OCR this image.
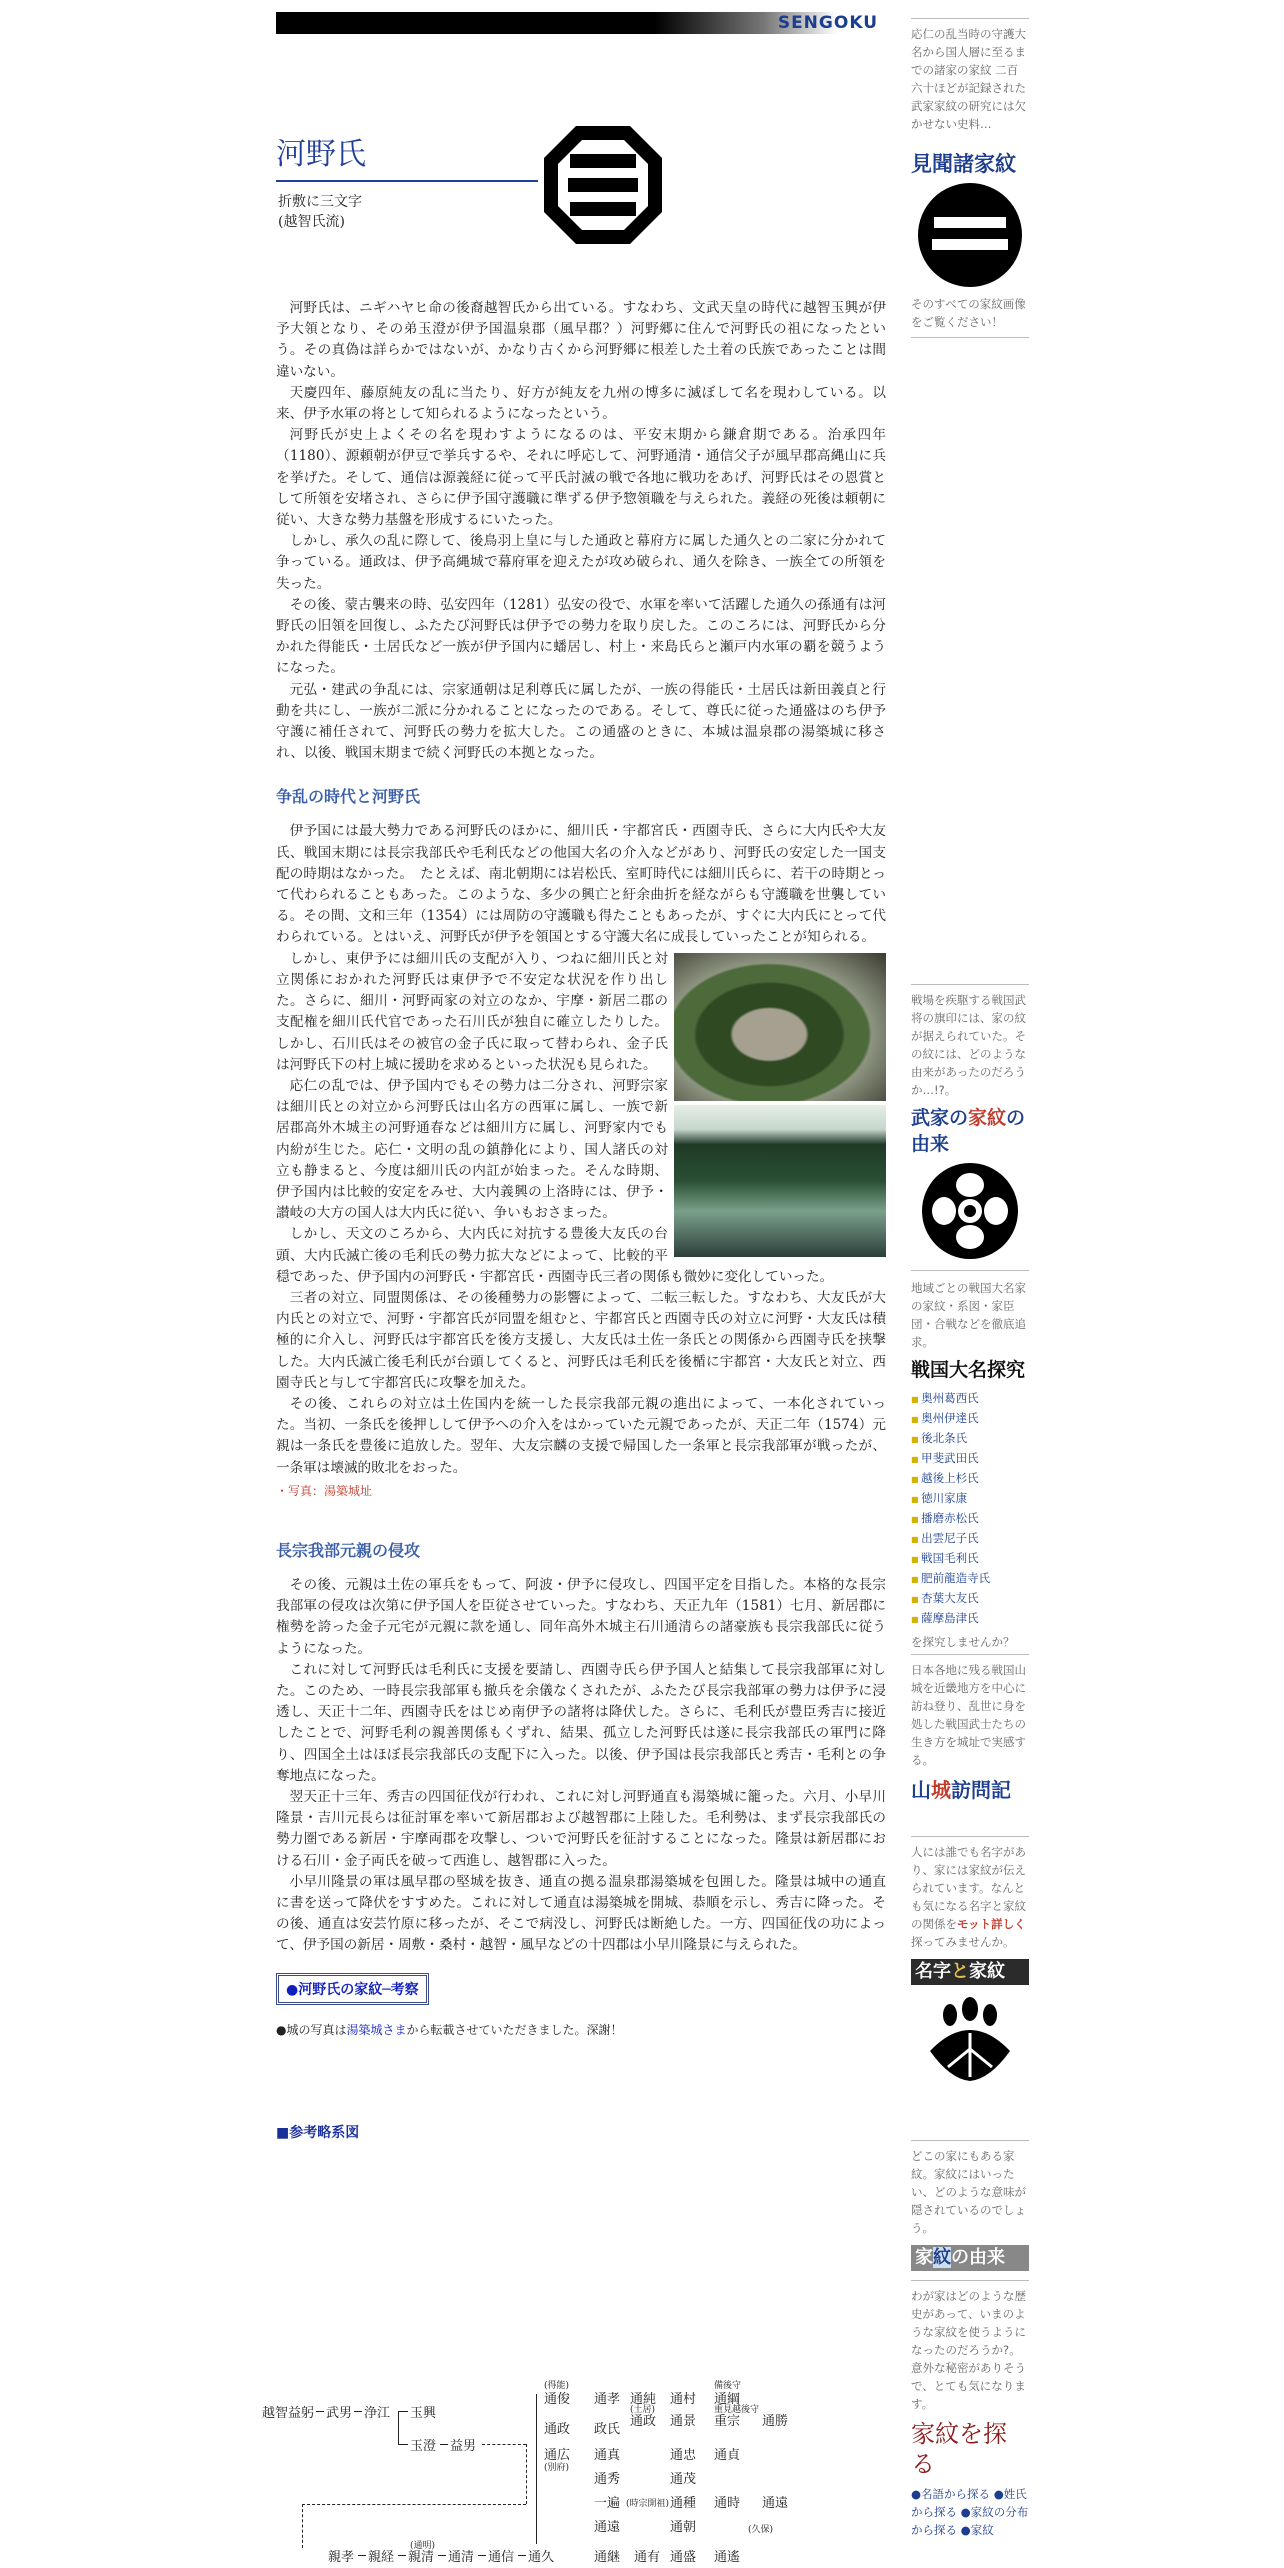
SENGOKU
河野氏
折敷に三文字
(越智氏流)

河野氏は、ニギハヤヒ命の後裔越智氏から出ている。すなわち、文武天皇の時代に越智玉興が伊予大領となり、その弟玉澄が伊予国温泉郡（風早郡？）河野郷に住んで河野氏の祖になったという。その真偽は詳らかではないが、かなり古くから河野郷に根差した土着の氏族であったことは間違いない。

天慶四年、藤原純友の乱に当たり、好方が純友を九州の博多に滅ぼして名を現わしている。以来、伊予水軍の将として知られるようになったという。

河野氏が史上よくその名を現わすようになるのは、平安末期から鎌倉期である。治承四年（1180）、源頼朝が伊豆で挙兵するや、それに呼応して、河野通清・通信父子が風早郡高縄山に兵を挙げた。そして、通信は源義経に従って平氏討滅の戦で各地に戦功をあげ、河野氏はその恩賞として所領を安堵され、さらに伊予国守護職に準ずる伊予惣領職を与えられた。義経の死後は頼朝に従い、大きな勢力基盤を形成するにいたった。

しかし、承久の乱に際して、後鳥羽上皇に与した通政と幕府方に属した通久との二家に分かれて争っている。通政は、伊予高縄城で幕府軍を迎えたが攻め破られ、通久を除き、一族全ての所領を失った。

その後、蒙古襲来の時、弘安四年（1281）弘安の役で、水軍を率いて活躍した通久の孫通有は河野氏の旧領を回復し、ふたたび河野氏は伊予での勢力を取り戻した。このころには、河野氏から分かれた得能氏・土居氏など一族が伊予国内に蟠居し、村上・来島氏らと瀬戸内水軍の覇を競うようになった。

元弘・建武の争乱には、宗家通朝は足利尊氏に属したが、一族の得能氏・土居氏は新田義貞と行動を共にし、一族が二派に分かれることになったのである。そして、尊氏に従った通盛はのち伊予守護に補任されて、河野氏の勢力を拡大した。この通盛のときに、本城は温泉郡の湯築城に移され、以後、戦国末期まで続く河野氏の本拠となった。

争乱の時代と河野氏

伊予国には最大勢力である河野氏のほかに、細川氏・宇都宮氏・西園寺氏、さらに大内氏や大友氏、戦国末期には長宗我部氏や毛利氏などの他国大名の介入などがあり、河野氏の安定した一国支配の時期はなかった。　たとえば、南北朝期には岩松氏、室町時代には細川氏らに、若干の時期とって代わられることもあった。このような、多少の興亡と紆余曲折を経ながらも守護職を世襲している。その間、文和三年（1354）には周防の守護職も得たこともあったが、すぐに大内氏にとって代わられている。とはいえ、河野氏が伊予を領国とする守護大名に成長していったことが知られる。

しかし、東伊予には細川氏の支配が入り、つねに細川氏と対立関係におかれた河野氏は東伊予で不安定な状況を作り出した。さらに、細川・河野両家の対立のなか、宇摩・新居二郡の支配権を細川氏代官であった石川氏が独自に確立したりした。しかし、石川氏はその被官の金子氏に取って替わられ、金子氏は河野氏下の村上城に援助を求めるといった状況も見られた。

応仁の乱では、伊予国内でもその勢力は二分され、河野宗家は細川氏との対立から河野氏は山名方の西軍に属し、一族で新居郡高外木城主の河野通春などは細川方に属し、河野家内でも内紛が生じた。応仁・文明の乱の鎮静化により、国人諸氏の対立も静まると、今度は細川氏の内訌が始まった。そんな時期、伊予国内は比較的安定をみせ、大内義興の上洛時には、伊予・讃岐の大方の国人は大内氏に従い、争いもおさまった。

しかし、天文のころから、大内氏に対抗する豊後大友氏の台頭、大内氏滅亡後の毛利氏の勢力拡大などによって、比較的平穏であった、伊予国内の河野氏・宇都宮氏・西園寺氏三者の関係も微妙に変化していった。

三者の対立、同盟関係は、その後種勢力の影響によって、二転三転した。すなわち、大友氏が大内氏との対立で、河野・宇都宮氏が同盟を組むと、宇都宮氏と西園寺氏の対立に河野・大友氏は積極的に介入し、河野氏は宇都宮氏を後方支援し、大友氏は土佐一条氏との関係から西園寺氏を挟撃した。大内氏滅亡後毛利氏が台頭してくると、河野氏は毛利氏を後楯に宇都宮・大友氏と対立、西園寺氏と与して宇都宮氏に攻撃を加えた。

その後、これらの対立は土佐国内を統一した長宗我部元親の進出によって、一本化されていった。当初、一条氏を後押しして伊予への介入をはかっていた元親であったが、天正二年（1574）元親は一条氏を豊後に追放した。翌年、大友宗麟の支援で帰国した一条軍と長宗我部軍が戦ったが、一条軍は壊滅的敗北をおった。

・写真：湯築城址
長宗我部元親の侵攻

その後、元親は土佐の軍兵をもって、阿波・伊予に侵攻し、四国平定を目指した。本格的な長宗我部軍の侵攻は次第に伊予国人を臣従させていった。すなわち、天正九年（1581）七月、新居郡に権勢を誇った金子元宅が元親に款を通し、同年高外木城主石川通清らの諸豪族も長宗我部氏に従うようになった。

これに対して河野氏は毛利氏に支援を要請し、西園寺氏ら伊予国人と結集して長宗我部軍に対した。このため、一時長宗我部軍も撤兵を余儀なくされたが、ふたたび長宗我部軍の勢力は伊予に浸透し、天正十二年、西園寺氏をはじめ南伊予の諸将は降伏した。さらに、毛利氏が豊臣秀吉に接近したことで、河野毛利の親善関係もくずれ、結果、孤立した河野氏は遂に長宗我部氏の軍門に降り、四国全土はほぼ長宗我部氏の支配下に入った。以後、伊予国は長宗我部氏と秀吉・毛利との争奪地点になった。

翌天正十三年、秀吉の四国征伐が行われ、これに対し河野通直も湯築城に籠った。六月、小早川隆景・吉川元長らは征討軍を率いて新居郡および越智郡に上陸した。毛利勢は、まず長宗我部氏の勢力圏である新居・宇摩両郡を攻撃し、ついで河野氏を征討することになった。隆景は新居郡における石川・金子両氏を破って西進し、越智郡に入った。

小早川隆景の軍は風早郡の堅城を抜き、通直の拠る温泉郡湯築城を包囲した。隆景は城中の通直に書を送って降伏をすすめた。これに対して通直は湯築城を開城、恭順を示し、秀吉に降った。その後、通直は安芸竹原に移ったが、そこで病没し、河野氏は断絶した。一方、四国征伐の功によって、伊予国の新居・周敷・桑村・越智・風早などの十四郡は小早川隆景に与えられた。

●河野氏の家紋─考察
●城の写真は湯築城さまから転載させていただきました。深謝！
■参考略系図
越智益躬 武男 浄江 玉興
玉澄 益男
(得能)
通俊 通孝 通純 通村
備後守
通綱
(土居)
通政
重見越後守
通景 重宗 通勝
通政 政氏
通広
(別府)
通真
通秀
一遍 (時宗開祖)
通遠
通忠 通貞
通茂
通種 通時 通遠
通朝	(久保)
親孝 親経
(通明)
親清 通清 通信 通久	通継 通有 通盛 通遙
応仁の乱当時の守護大名から国人層に至るまでの諸家の家紋 二百六十ほどが記録された武家家紋の研究には欠かせない史料…
見聞諸家紋
そのすべての家紋画像をご覧ください！
戦場を疾駆する戦国武将の旗印には、家の紋が据えられていた。その紋には、どのような由来があったのだろうか…!?。
武家の家紋の由来
地域ごとの戦国大名家の家紋・系図・家臣団・合戦などを徹底追求。
戦国大名探究
■ 奥州葛西氏
■ 奥州伊達氏
■ 後北条氏
■ 甲斐武田氏
■ 越後上杉氏
■ 徳川家康
■ 播磨赤松氏
■ 出雲尼子氏
■ 戦国毛利氏
■ 肥前龍造寺氏
■ 杏葉大友氏
■ 薩摩島津氏
を探究しませんか？
日本各地に残る戦国山城を近畿地方を中心に訪ね登り、乱世に身を処した戦国武士たちの生き方を城址で実感する。
山城訪問記
人には誰でも名字があり、家には家紋が伝えられています。なんとも気になる名字と家紋の関係をモット詳しく探ってみませんか。
名字と家紋
どこの家にもある家紋。家紋にはいったい、どのような意味が隠されているのでしょう。
家紋の由来
わが家はどのような歴史があって、いまのような家紋を使うようになったのだろうか?。意外な秘密がありそうで、とても気になります。
家紋を探る
●名語から探る ●姓氏から探る ●家紋の分布から探る ●家紋
